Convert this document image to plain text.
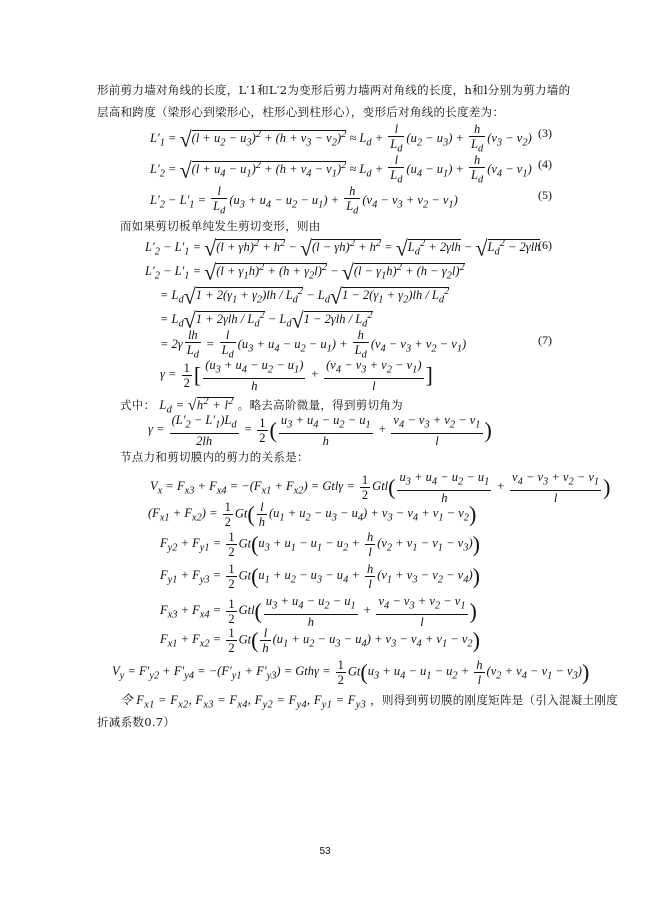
形前剪力墙对角线的长度，L′1和L′2为变形后剪力墙两对角线的长度，h和l分别为剪力墙的
层高和跨度（梁形心到梁形心，柱形心到柱形心），变形后对角线的长度差为：
$L'_1 = √(l + u_2 - u_3)^2 + (h + v_3 - v_2)^2 \approx L_d + \frac{l}{L_d} (u_2 - u_3) + \frac{h}{L_d} (v_3 - v_2)$ (3)
$L'_2 = √(l + u_4 - u_1)^2 + (h + v_4 - v_1)^2 \approx L_d + \frac{l}{L_d} (u_4 - u_1) + \frac{h}{L_d} (v_4 - v_1)$ (4)
$L'_2 - L'_1 = \frac{l}{L_d} (u_3 + u_4 - u_2 - u_1) + \frac{h}{L_d} (v_4 - v_3 + v_2 - v_1)$	(5)
而如果剪切板单纯发生剪切变形，则由
$L'_2 - L'_1 = √(l + \gamma h)^2 + h^2 - √(l - \gamma h)^2 + h^2 = √L_d^2 + 2\gamma lh - √L_d^2 - 2\gamma lh$
(6)
$L'_2 - L'_1 = √(l + \gamma_1h)^2 + (h + \gamma_2l)^2 - √(l - \gamma_1h)^2 + (h - \gamma_2l)^2$
= $L_d√1 + 2(\gamma_1 + \gamma_2)lh / L_d^2 - L_d√1 - 2(\gamma_1 + \gamma_2)lh / L_d^2$
= $L_d√1 + 2\gamma lh / L_d^2 - L_d√1 - 2\gamma lh / L_d^2$
= $2\gamma \frac{lh}{L_d} = \frac{l}{L_d} (u_3 + u_4 - u_2 - u_1) + \frac{h}{L_d} (v_4 - v_3 + v_2 - v_1)$	(7)
$\gamma = \frac{1}{2}$ [ $\frac{(u_3 + u_4 - u_2 - u_1)}{h} + \frac{(v_4 - v_3 + v_2 - v_1)}{l}$ ]
式中： $L_d = √h^2 + l^2$ 。略去高阶微量，得到剪切角为
$\gamma = \frac{(L'_2 - L'_1)L_d}{2lh} = \frac{1}{2}$ ( $\frac{u_3 + u_4 - u_2 - u_1}{h} + \frac{v_4 - v_3 + v_2 - v_1}{l}$ )
节点力和剪切膜内的剪力的关系是：
$V_x = F_{x3} + F_{x4} = -(F_{x1} + F_{x2}) = Gtl\gamma = \frac{1}{2} Gtl( \frac{u_3 + u_4 - u_2 - u_1}{h} + \frac{v_4 - v_3 + v_2 - v_1}{l}$ )
$(F_{x1} + F_{x2}) = \frac{1}{2} Gt( \frac{l}{h} (u_1 + u_2 - u_3 - u_4) + v_3 - v_4 + v_1 - v_2)$
$F_{y2} + F_{y1} = \frac{1}{2} Gt(u_3 + u_1 - u_1 - u_2 + \frac{h}{l} (v_2 + v_1 - v_1 - v_3))$
$F_{y1} + F_{y3} = \frac{1}{2} Gt(u_1 + u_2 - u_3 - u_4 + \frac{h}{l} (v_1 + v_3 - v_2 - v_4))$
$F_{x3} + F_{x4} = \frac{1}{2} Gtl( \frac{u_3 + u_4 - u_2 - u_1}{h} + \frac{v_4 - v_3 + v_2 - v_1}{l}$ )
$F_{x1} + F_{x2} = \frac{1}{2} Gt( \frac{l}{h} (u_1 + u_2 - u_3 - u_4) + v_3 - v_4 + v_1 - v_2)$
$V_y = F'_{y2} + F'_{y4} = -(F'_{y1} + F'_{y3}) = Gth\gamma = \frac{1}{2} Gt(u_3 + u_4 - u_1 - u_2 + \frac{h}{l} (v_2 + v_4 - v_1 - v_3))$
令 $F_{x1} = F_{x2}$, $F_{x3} = F_{x4}$, $F_{y2} = F_{y4}$, $F_{y1} = F_{y3}$ ，则得到剪切膜的刚度矩阵是（引入混凝土刚度
折减系数0.7）
53
